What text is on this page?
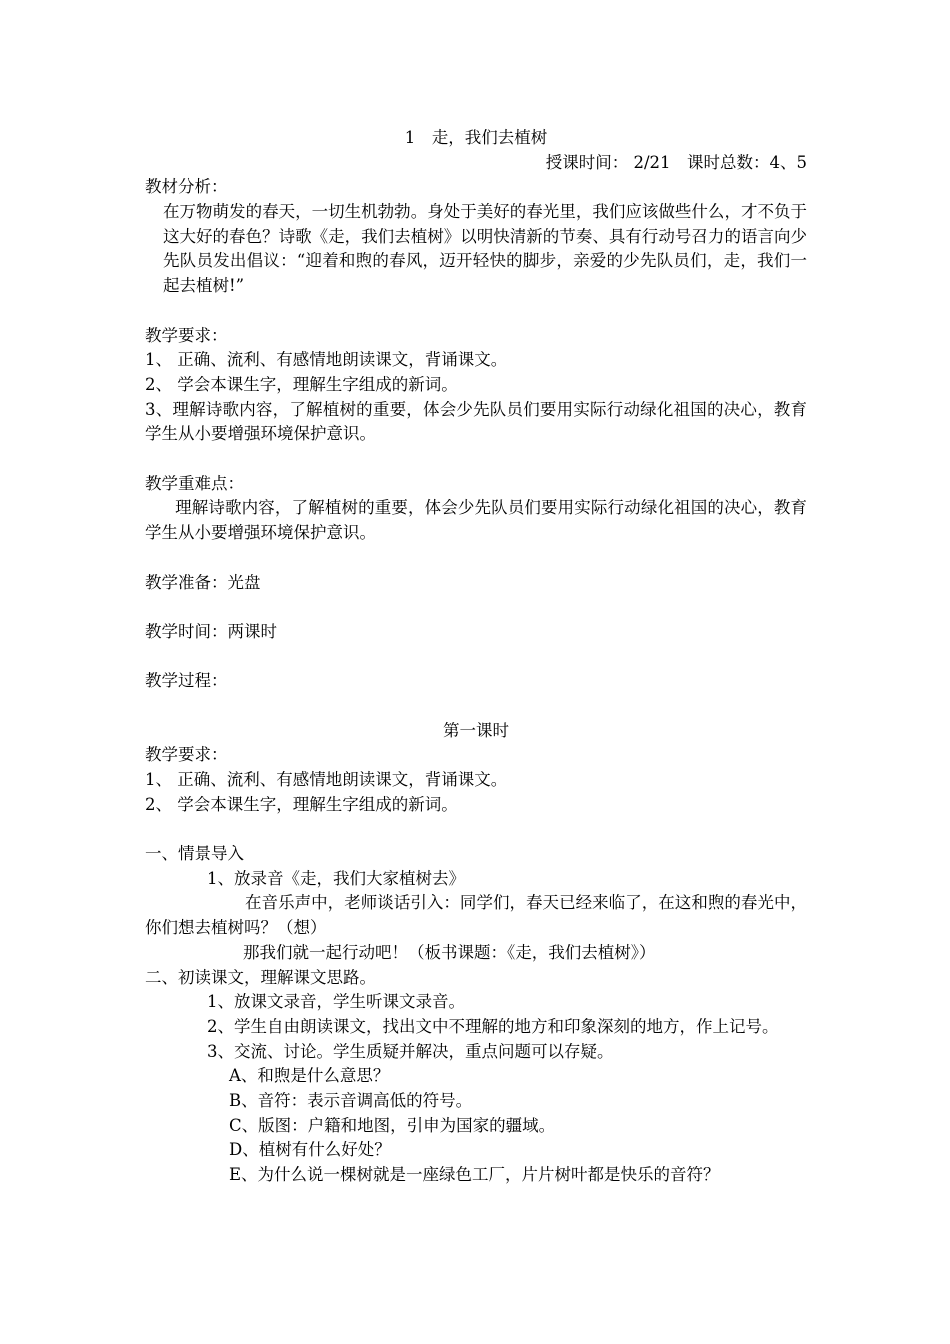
1　走，我们去植树
授课时间： 2/21　课时总数：4、5
教材分析：
在万物萌发的春天，一切生机勃勃。身处于美好的春光里，我们应该做些什么，才不负于这大好的春色？诗歌《走，我们去植树》以明快清新的节奏、具有行动号召力的语言向少先队员发出倡议：“迎着和煦的春风，迈开轻快的脚步，亲爱的少先队员们，走，我们一起去植树!”
教学要求：
1、 正确、流利、有感情地朗读课文，背诵课文。
2、 学会本课生字，理解生字组成的新词。
3、理解诗歌内容，了解植树的重要，体会少先队员们要用实际行动绿化祖国的决心，教育学生从小要增强环境保护意识。
教学重难点：
理解诗歌内容，了解植树的重要，体会少先队员们要用实际行动绿化祖国的决心，教育学生从小要增强环境保护意识。
教学准备：光盘
教学时间：两课时
教学过程：
第一课时
教学要求：
1、 正确、流利、有感情地朗读课文，背诵课文。
2、 学会本课生字，理解生字组成的新词。
一、情景导入
1、放录音《走，我们大家植树去》
在音乐声中，老师谈话引入：同学们，春天已经来临了，在这和煦的春光中，你们想去植树吗？（想）
那我们就一起行动吧！（板书课题：《走，我们去植树》）
二、初读课文，理解课文思路。
1、放课文录音，学生听课文录音。
2、学生自由朗读课文，找出文中不理解的地方和印象深刻的地方，作上记号。
3、交流、讨论。学生质疑并解决，重点问题可以存疑。
A、和煦是什么意思？
B、音符：表示音调高低的符号。
C、版图：户籍和地图，引申为国家的疆域。
D、植树有什么好处？
E、为什么说一棵树就是一座绿色工厂，片片树叶都是快乐的音符？
